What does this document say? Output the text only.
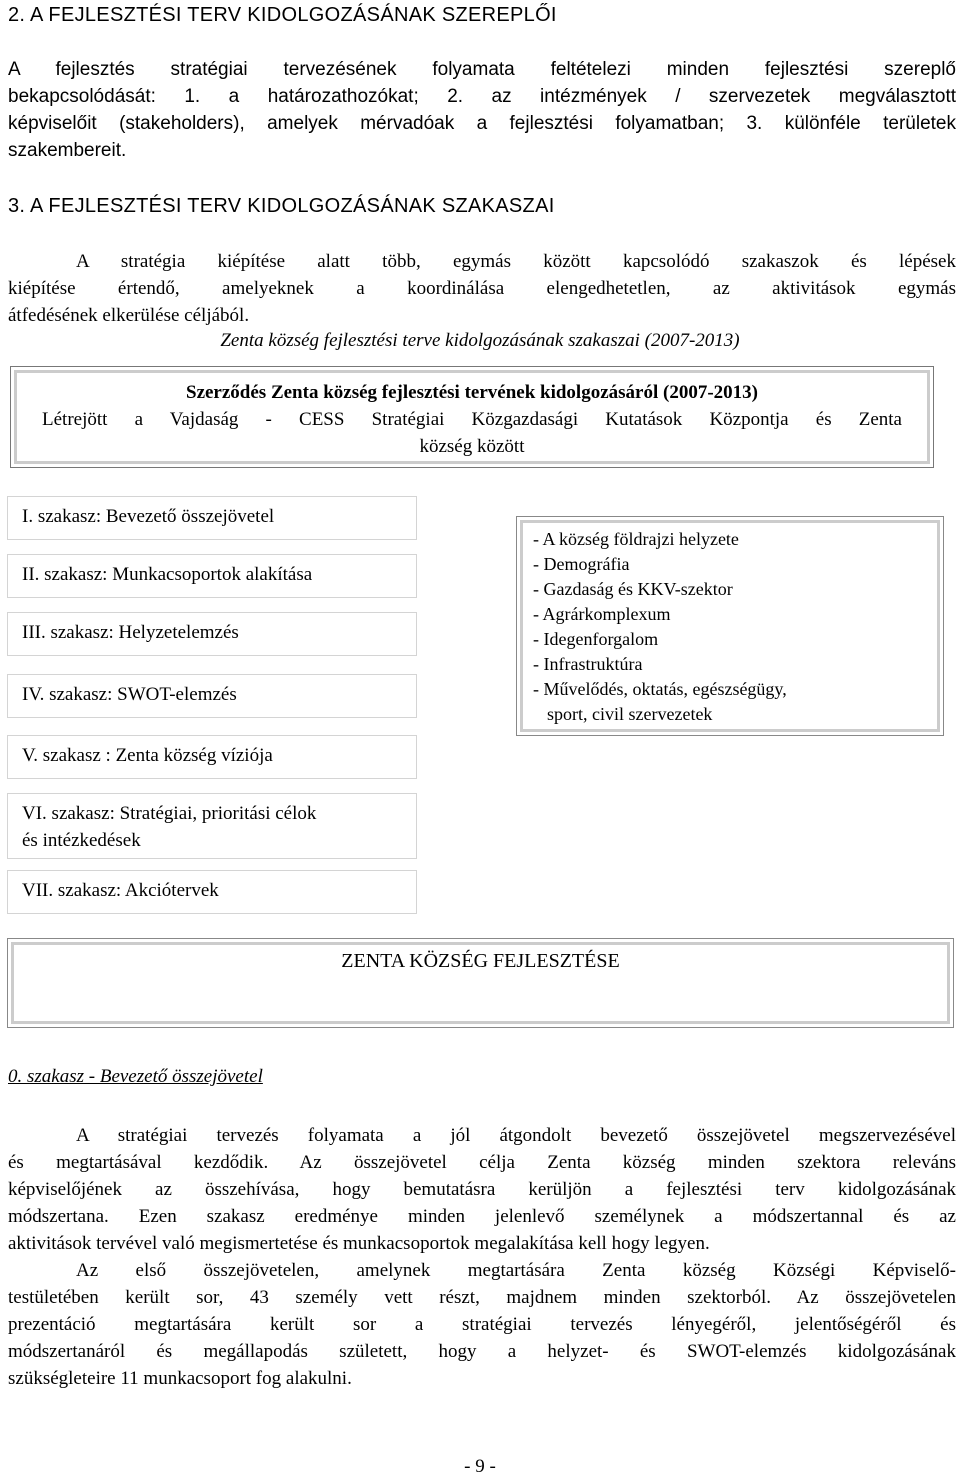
2. A FEJLESZTÉSI TERV KIDOLGOZÁSÁNAK SZEREPLŐI
A fejlesztés stratégiai tervezésének folyamata feltételezi minden fejlesztési szereplő
bekapcsolódását: 1. a határozathozókat; 2. az intézmények / szervezetek megválasztott
képviselőit (stakeholders), amelyek mérvadóak a fejlesztési folyamatban; 3. különféle területek
szakembereit.
3. A FEJLESZTÉSI TERV KIDOLGOZÁSÁNAK SZAKASZAI
A stratégia kiépítése alatt több, egymás között kapcsolódó szakaszok és lépések
kiépítése értendő, amelyeknek a koordinálása elengedhetetlen, az aktivitások egymás
átfedésének elkerülése céljából.
Zenta község fejlesztési terve kidolgozásának szakaszai (2007-2013)
Szerződés Zenta község fejlesztési tervének kidolgozásáról (2007-2013)
Létrejött a Vajdaság - CESS Stratégiai Közgazdasági Kutatások Központja és Zenta
község között
I. szakasz: Bevezető összejövetel
II. szakasz: Munkacsoportok alakítása
III. szakasz: Helyzetelemzés
IV. szakasz: SWOT-elemzés
V. szakasz : Zenta község víziója
VI. szakasz: Stratégiai, prioritási célok
és intézkedések
VII. szakasz: Akciótervek
- A község földrajzi helyzete
- Demográfia
- Gazdaság és KKV-szektor
- Agrárkomplexum
- Idegenforgalom
- Infrastruktúra
- Művelődés, oktatás, egészségügy,
sport, civil szervezetek
ZENTA KÖZSÉG FEJLESZTÉSE
0. szakasz - Bevezető összejövetel
A stratégiai tervezés folyamata a jól átgondolt bevezető összejövetel megszervezésével
és megtartásával kezdődik. Az összejövetel célja Zenta község minden szektora releváns
képviselőjének az összehívása, hogy bemutatásra kerüljön a fejlesztési terv kidolgozásának
módszertana. Ezen szakasz eredménye minden jelenlevő személynek a módszertannal és az
aktivitások tervével való megismertetése és munkacsoportok megalakítása kell hogy legyen.
Az első összejövetelen, amelynek megtartására Zenta község Községi Képviselő-
testületében került sor, 43 személy vett részt, majdnem minden szektorból. Az összejövetelen
prezentáció megtartására került sor a stratégiai tervezés lényegéről, jelentőségéről és
módszertanáról és megállapodás született, hogy a helyzet- és SWOT-elemzés kidolgozásának
szükségleteire 11 munkacsoport fog alakulni.
- 9 -
